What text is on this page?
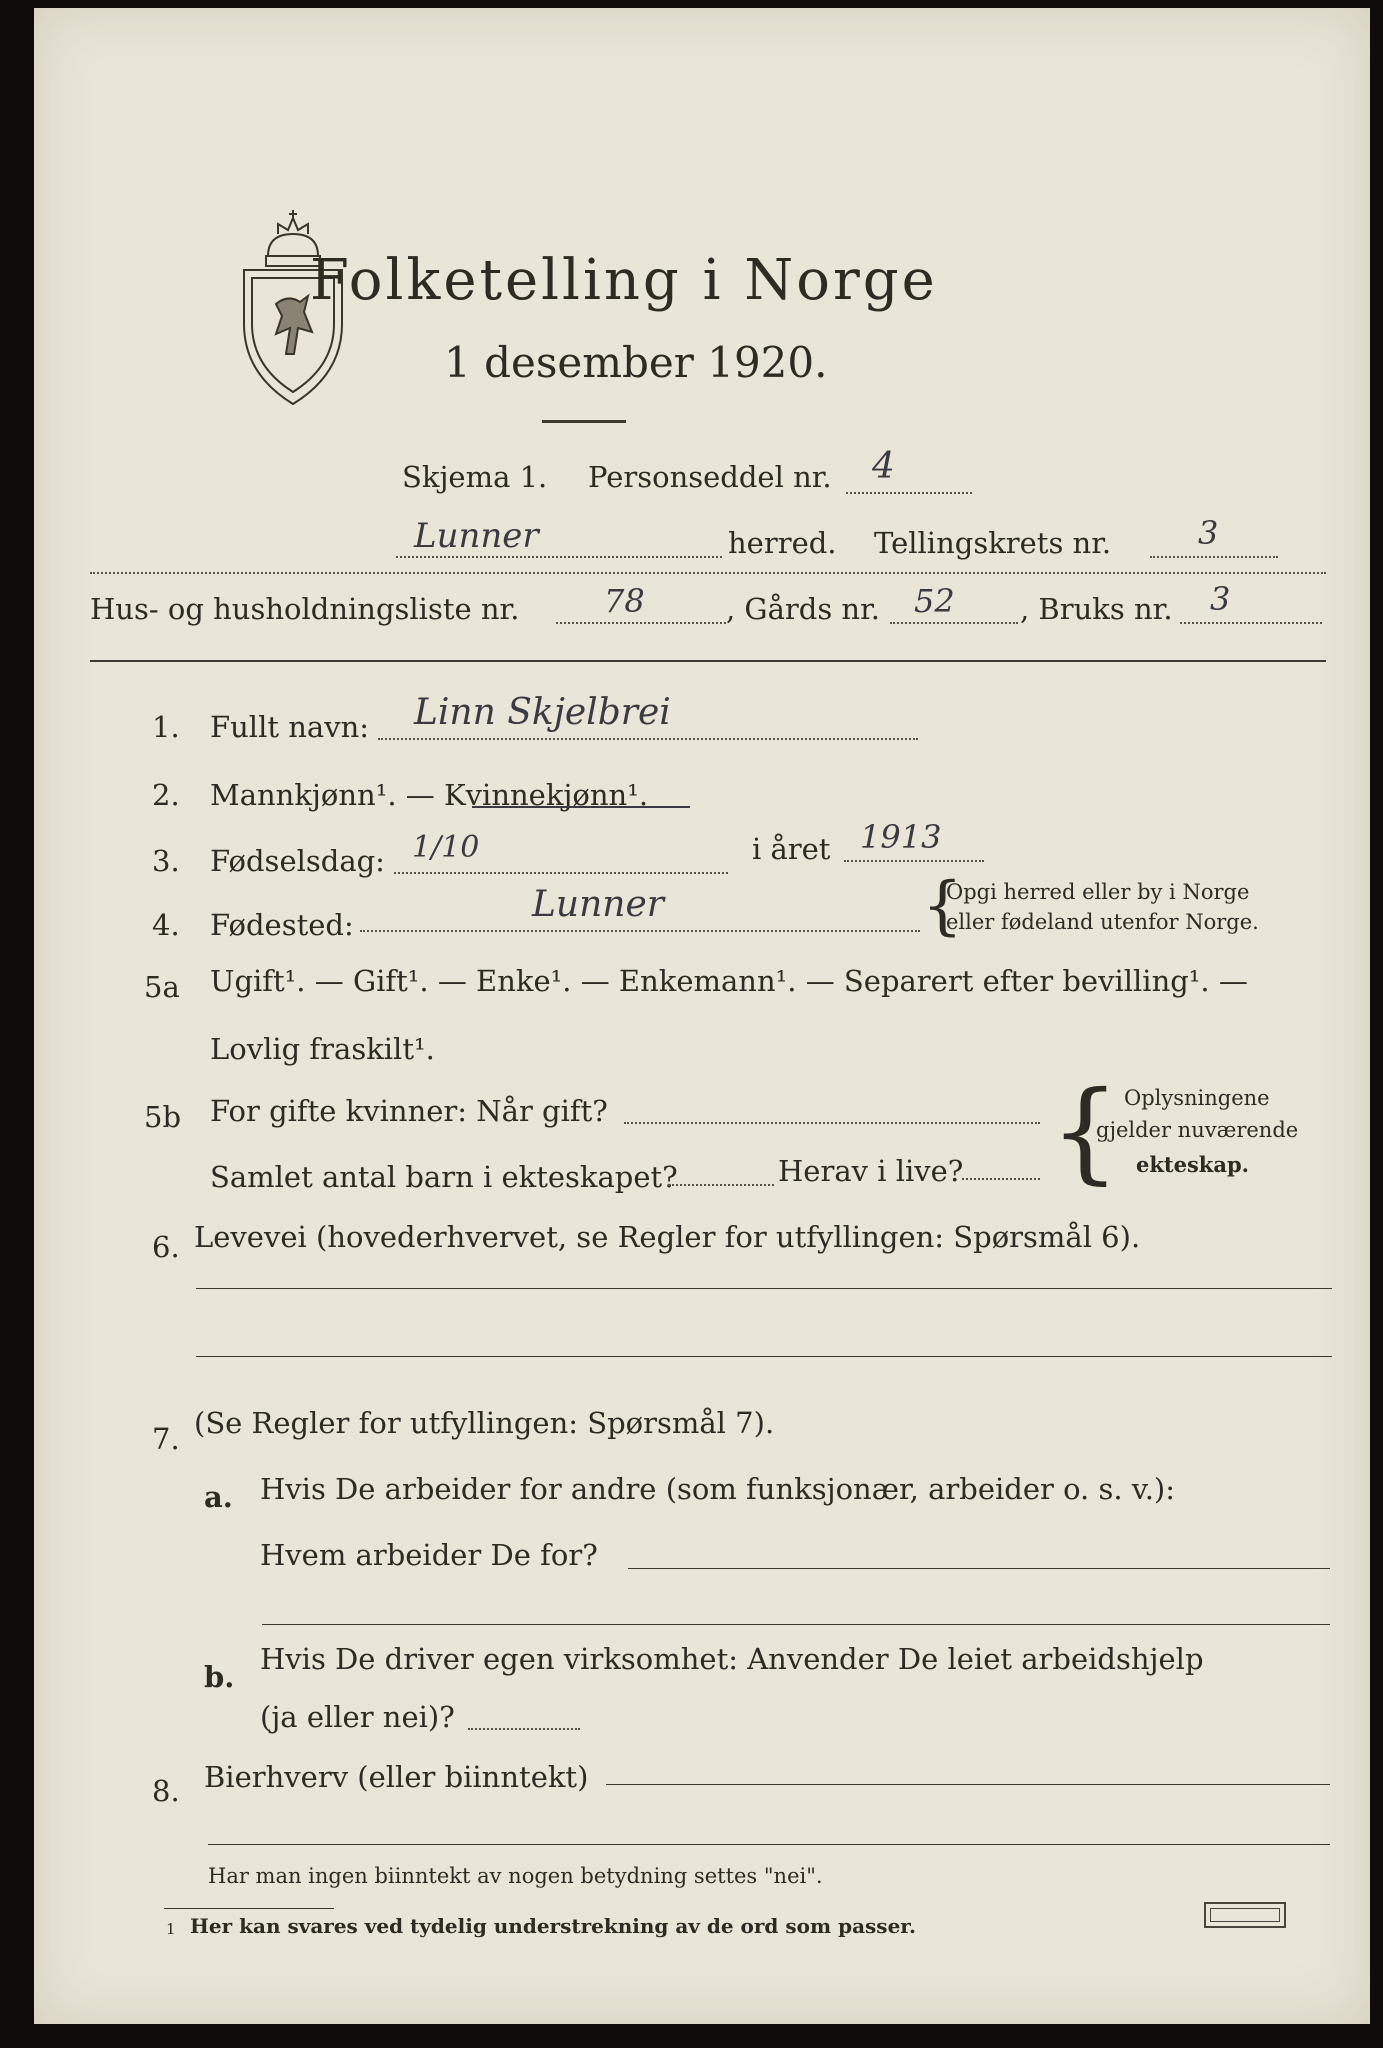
Folketelling i Norge
1 desember 1920.
Skjema 1. Personseddel nr. 4
Lunner	herred. Tellingskrets nr.	3
Hus- og husholdningsliste nr.	78	, Gårds nr. 52 , Bruks nr. 3
1. Fullt navn: Linn Skjelbrei
2. Mannkjønn¹. — Kvinnekjønn¹.
3. Fødselsdag: 1/10	i året 1913
4. Fødested:	Lunner	{
Opgi herred eller by i Norge
eller fødeland utenfor Norge.
5a Ugift¹. — Gift¹. — Enke¹. — Enkemann¹. — Separert efter bevilling¹. —
Lovlig fraskilt¹.
5b For gifte kvinner: Når gift?
Samlet antal barn i ekteskapet?	Herav i live? { Oplysningene
gjelder nuværende
ekteskap.
6. Levevei (hovederhvervet, se Regler for utfyllingen: Spørsmål 6).
7. (Se Regler for utfyllingen: Spørsmål 7).
a. Hvis De arbeider for andre (som funksjonær, arbeider o. s. v.):
Hvem arbeider De for?
b.
Hvis De driver egen virksomhet: Anvender De leiet arbeidshjelp
(ja eller nei)?
8. Bierhverv (eller biinntekt)
Har man ingen biinntekt av nogen betydning settes "nei".
1 Her kan svares ved tydelig understrekning av de ord som passer.
